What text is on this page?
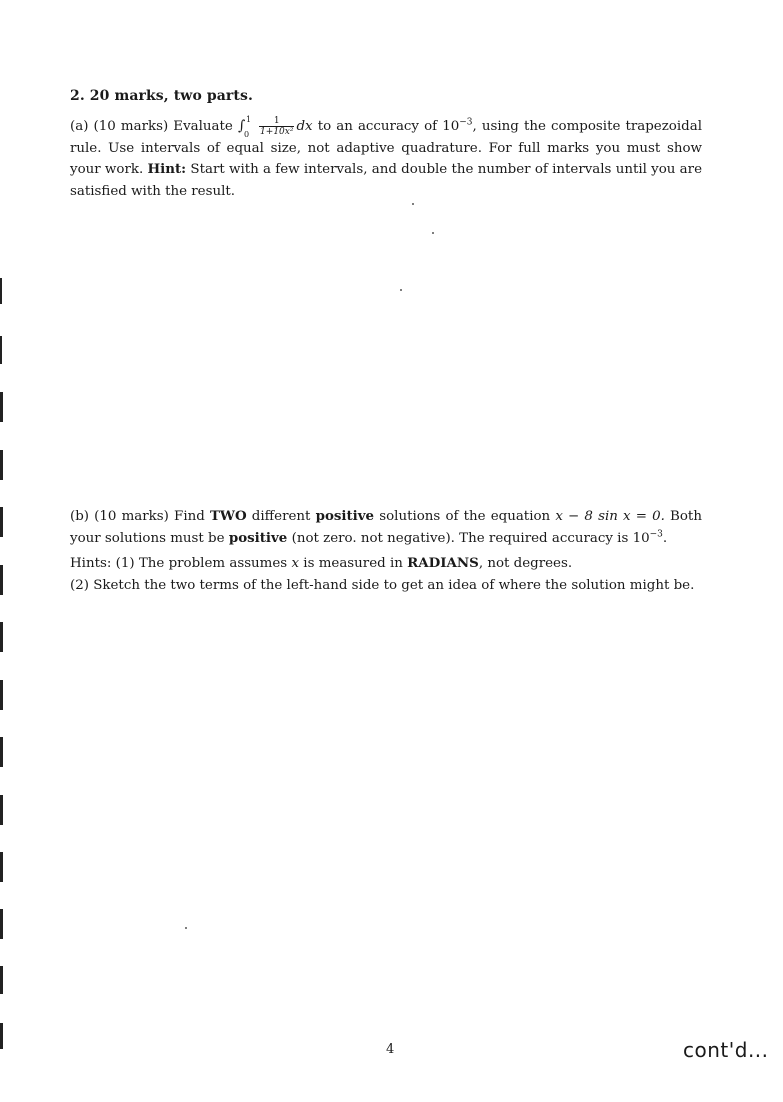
2. 20 marks, two parts.
(a) (10 marks) Evaluate ∫ 1
0
$\frac{1}{\text{1+10x²}}$ dx to an accuracy of $10^{-3}$, using the composite trapezoidal rule. Use intervals of equal size, not adaptive quadrature. For full marks you must show your work. Hint: Start with a few intervals, and double the number of intervals until you are satisfied with the result.
(b) (10 marks) Find TWO different positive solutions of the equation x − 8 sin x = 0. Both your solutions must be positive (not zero. not negative). The required accuracy is $10^{-3}$.
Hints: (1) The problem assumes x is measured in RADIANS, not degrees.
(2) Sketch the two terms of the left-hand side to get an idea of where the solution might be.
4	cont'd...
